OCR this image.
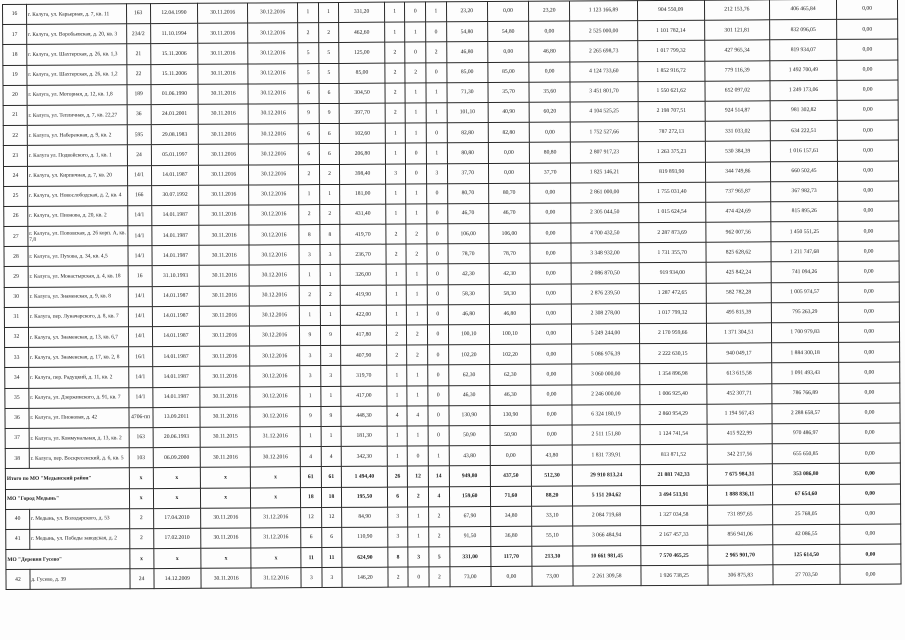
16	г. Калуга, ул. Карьерная, д. 7, кв. 11	163	12.04.1990	30.11.2016	30.12.2016	1	1	331,20	1	0	1	23,20	0,00	23,20	1 123 166,89	904 550,09	212 153,76	406 465,84	0,00
17	г. Калуга, ул. Воробьевская, д. 20, кв. 3	234/2	11.10.1994	30.11.2016	30.12.2016	2	2	462,60	1	1	0	54,80	54,80	0,00	2 525 000,00	1 101 782,14	301 121,81	832 096,05	0,00
18	г. Калуга, ул. Шахтерская, д. 26, кв. 1,3	21	15.11.2006	30.11.2016	30.12.2016	5	5	125,00	2	0	2	46,80	0,00	46,80	2 265 698,73	1 017 799,32	427 965,34	819 934,07	0,00
19	г. Калуга, ул. Шахтерская, д. 26, кв. 1,2	22	15.11.2006	30.11.2016	30.12.2016	5	5	85,00	2	2	0	85,00	85,00	0,00	4 124 733,60	1 852 916,72	779 116,39	1 492 700,49	0,00
20	г. Калуга, ул. Моторная, д. 12, кв. 1,8	189	01.06.1990	30.11.2016	30.12.2016	6	6	304,50	2	1	1	71,30	35,70	35,60	3 451 801,70	1 550 621,62	652 097,02	1 249 173,06	0,00
21	г. Калуга, ул. Тепличная, д. 7, кв. 22,27	36	24.01.2001	30.11.2016	30.12.2016	9	9	397,70	2	1	1	101,10	40,90	60,20	4 104 525,25	2 198 707,51	924 514,87	981 302,82	0,00
22	г. Калуга, ул. Набережная, д. 9, кв. 2	595	29.08.1983	30.11.2016	30.12.2016	6	6	102,60	1	1	0	82,80	82,80	0,00	1 752 527,66	787 272,13	331 033,02	634 222,51	0,00
23	г. Калуга ул. Подвойского, д. 1, кв. 1	24	05.01.1997	30.11.2016	30.12.2016	6	6	206,80	1	0	1	80,80	0,00	80,80	2 807 917,23	1 263 375,23	530 384,39	1 016 157,61	0,00
24	г. Калуга, ул. Кирпичная, д. 7, кв. 20	14/1	14.01.1987	30.11.2016	30.12.2016	2	2	398,40	3	0	3	37,70	0,00	37,70	1 825 146,21	819 893,90	344 749,86	660 502,45	0,00
25	г. Калуга, ул. Новослободская, д. 2, кв. 4	166	30.07.1992	30.11.2016	30.12.2016	1	1	181,00	1	1	0	80,70	80,70	0,00	2 861 000,00	1 755 031,40	737 965,87	367 982,73	0,00
26	г. Калуга, ул. Пионова, д. 20, кв. 2	14/1	14.01.1987	30.11.2016	30.12.2016	2	2	431,40	1	1	0	46,70	46,70	0,00	2 305 044,50	1 015 624,54	474 424,69	815 895,26	0,00
27	г. Калуга, ул. Поповская, д. 26 корп. А, кв. 7,8	14/1	14.01.1987	30.11.2016	30.12.2016	8	8	419,70	2	2	0	106,00	106,00	0,00	4 700 432,50	2 287 873,69	962 007,56	1 450 551,25	0,00
28	г. Калуга, ул. Пухова, д. 34, кв. 4,5	14/1	14.01.1987	30.11.2016	30.12.2016	3	3	236,70	2	2	0	78,70	78,70	0,00	3 348 932,00	1 731 355,70	825 628,62	1 211 747,68	0,00
29	г. Калуга, ул. Монастырская, д. 4, кв. 18	16	31.10.1993	30.11.2016	30.12.2016	1	1	326,00	1	1	0	42,30	42,30	0,00	2 086 870,50	919 934,00	425 842,24	741 094,26	0,00
30	г. Калуга, ул. Знаменская, д. 9, кв. 8	14/1	14.01.1987	30.11.2016	30.12.2016	2	2	419,90	1	1	0	58,30	58,30	0,00	2 876 239,50	1 287 472,65	582 782,28	1 005 974,57	0,00
31	г. Калуга, пер. Луначарского, д. 8, кв. 7	14/1	14.01.1987	30.11.2016	30.12.2016	1	1	422,00	1	1	0	46,80	46,80	0,00	2 308 278,00	1 017 799,32	495 815,39	795 263,29	0,00
32	г. Калуга, ул. Знаменская, д. 13, кв. 6,7	14/1	14.01.1987	30.11.2016	30.12.2016	9	9	417,80	2	2	0	100,10	100,10	0,00	5 249 244,00	2 170 959,66	1 371 304,51	1 700 979,83	0,00
33	г. Калуга, ул. Знаменская, д. 17, кв. 2, 8	16/1	14.01.1987	30.11.2016	30.12.2016	3	3	407,90	2	2	0	102,20	102,20	0,00	5 086 976,39	2 222 630,15	940 049,17	1 884 300,18	0,00
34	г. Калуга, пер. Радуцкий, д. 11, кв. 2	14/1	14.01.1987	30.11.2016	30.12.2016	3	3	319,70	1	1	0	62,30	62,30	0,00	3 060 000,00	1 354 896,98	613 615,58	1 091 493,43	0,00
35	г. Калуга, ул. Дзержинского, д. 91, кв. 7	14/1	14.01.1987	30.11.2016	30.12.2016	1	1	417,00	1	1	0	46,30	46,30	0,00	2 246 000,00	1 006 925,40	452 307,71	786 766,89	0,00
36	г. Калуга, ул. Пионовая, д. 42	4706-пп	13.09.2011	30.11.2016	30.12.2016	9	9	448,30	4	4	0	130,90	130,90	0,00	6 324 180,19	2 860 954,29	1 194 567,43	2 288 658,57	0,00
37	г. Калуга, ул. Коммунальная, д. 13, кв. 2	163	20.06.1993	30.11.2015	31.12.2016	1	1	181,30	1	1	0	50,90	50,90	0,00	2 511 151,80	1 124 741,54	415 922,99	970 486,97	0,00
38	г. Калуга, пер. Воскресенский, д. 6, кв. 5	103	06.09.2000	30.11.2016	30.12.2016	4	4	342,30	1	0	1	43,80	0,00	43,80	1 831 739,91	813 871,52	342 217,56	655 650,85	0,00
Итого по МО "Медынский район"		x	x	x	x	61	61	1 494,40	26	12	14	949,80	437,50	512,30	29 910 813,24	21 881 742,33	7 675 984,31	353 086,80	0,00
МО "Город Медынь"		x	x	x	x	18	18	195,50	6	2	4	159,60	71,60	88,20	5 151 204,62	3 494 513,91	1 888 836,11	67 654,60	0,00
40	г. Медынь, ул. Володарского, д. 53	2	17.04.2010	30.11.2016	31.12.2016	12	12	84,90	3	1	2	67,90	34,80	33,10	2 084 719,68	1 327 034,58	731 897,65	25 768,05	0,00
41	г. Медынь, ул. Победы заводская, д. 2	2	17.02.2010	30.11.2016	31.12.2016	6	6	110,90	3	1	2	91,50	36,80	55,10	3 066 484,94	2 167 457,33	856 941,06	42 086,55	0,00
МО "Деревня Гусево"		x	x	x	x	11	11	624,90	8	3	5	331,00	117,70	213,30	10 661 981,45	7 570 465,25	2 965 901,70	125 614,50	0,00
42	д. Гусево, д. 39	24	14.12.2009	30.11.2016	31.12.2016	3	3	146,20	2	0	2	73,00	0,00	73,00	2 261 309,58	1 926 738,25	306 875,83	27 703,50	0,00
